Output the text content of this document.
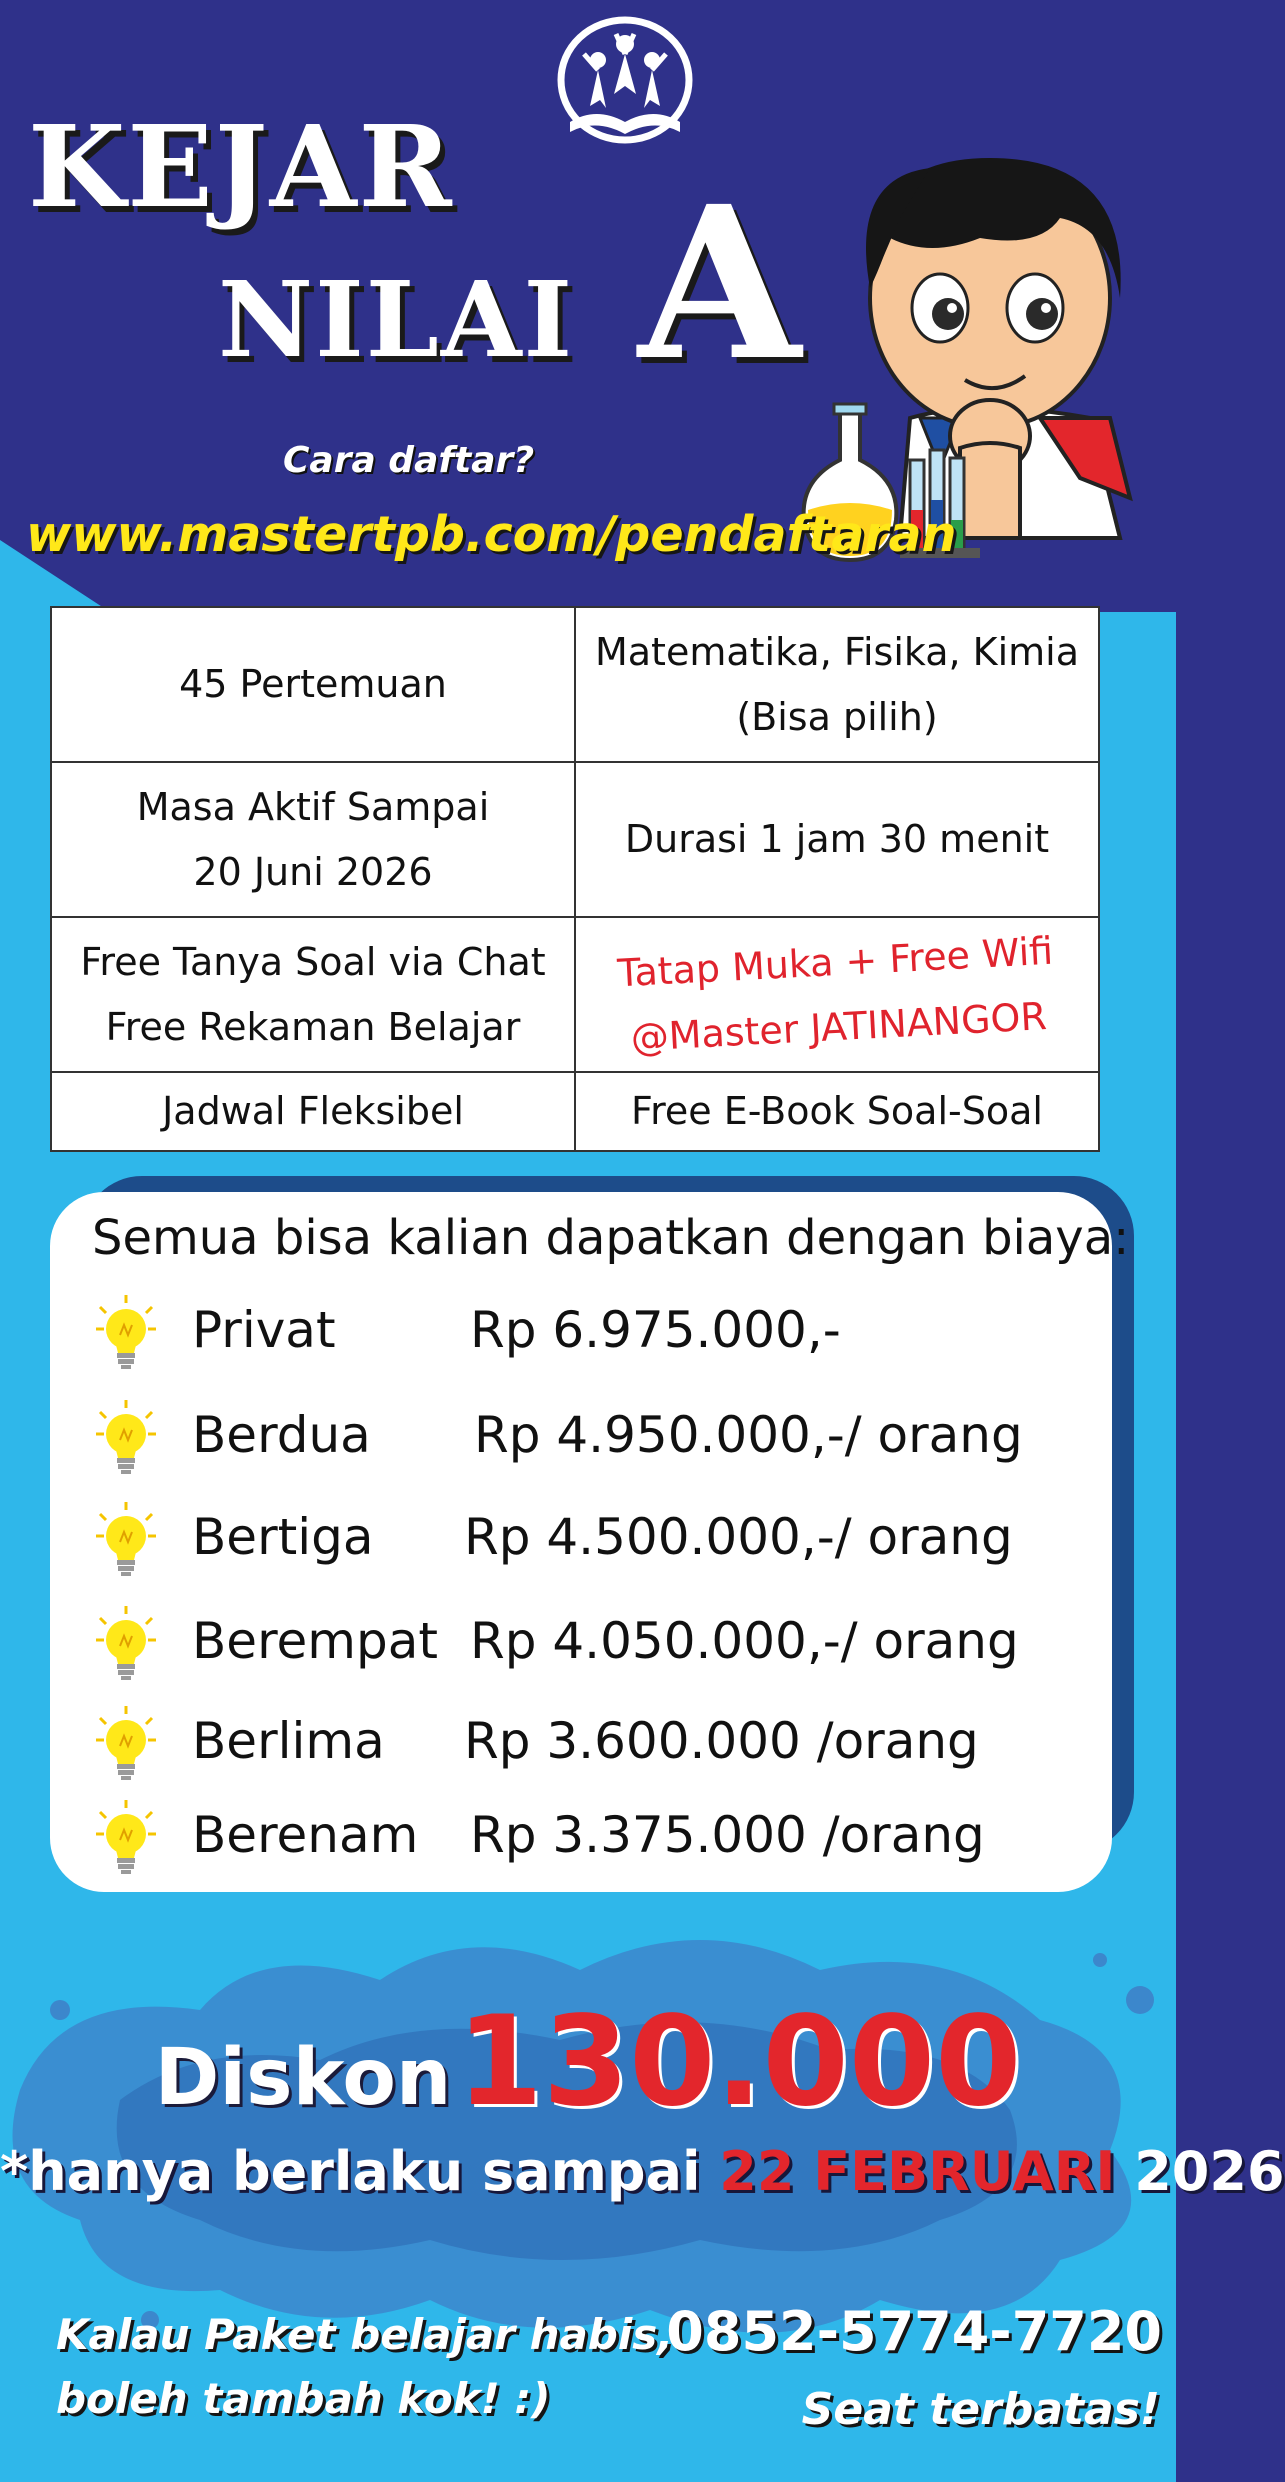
KEJAR
NILAI A
Cara daftar?
www.mastertpb.com/pendaftaran
45 Pertemuan	Matematika, Fisika, Kimia
(Bisa pilih)
Masa Aktif Sampai
20 Juni 2026	Durasi 1 jam 30 menit
Free Tanya Soal via Chat
Free Rekaman Belajar	Tatap Muka + Free Wifi
@Master JATINANGOR
Jadwal Fleksibel	Free E-Book Soal-Soal
Semua bisa kalian dapatkan dengan biaya:
Privat	Rp 6.975.000,-
Berdua Rp 4.950.000,-/ orang
Bertiga Rp 4.500.000,-/ orang
Berempat Rp 4.050.000,-/ orang
Berlima Rp 3.600.000 /orang
Berenam Rp 3.375.000 /orang
Diskon 130.000
*hanya berlaku sampai 22 FEBRUARI 2026
Kalau Paket belajar habis,
boleh tambah kok! :)
0852-5774-7720
Seat terbatas!
